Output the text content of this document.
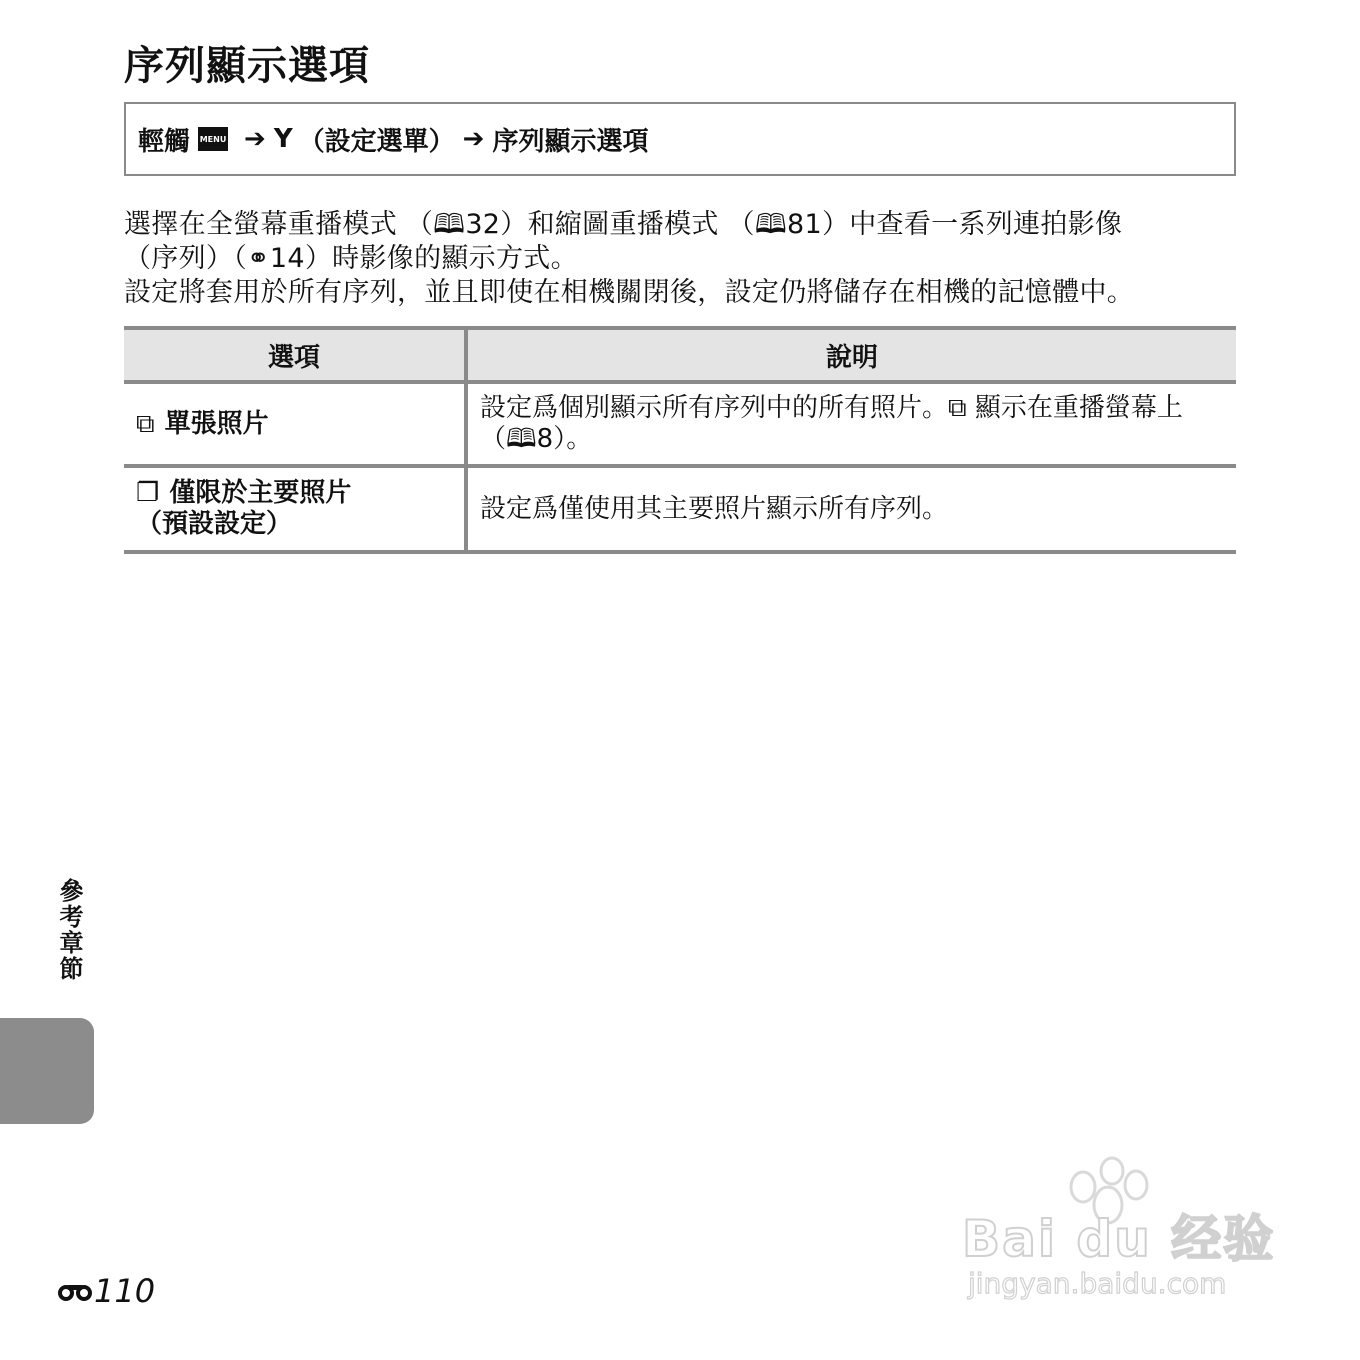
序列顯示選項
輕觸 MENU ➔ Y （設定選單） ➔ 序列顯示選項

選擇在全螢幕重播模式 （🕮32）和縮圖重播模式 （🕮81）中查看一系列連拍影像

（序列）（⚭14）時影像的顯示方式。

設定將套用於所有序列，並且即使在相機關閉後，設定仍將儲存在相機的記憶體中。

選項	說明
⧉ 單張照片	設定爲個別顯示所有序列中的所有照片。⧉ 顯示在重播螢幕上 （🕮8）。
❐ 僅限於主要照片
（預設設定）	設定爲僅使用其主要照片顯示所有序列。
參考章節
110
Bai du 经验
jingyan.baidu.com
